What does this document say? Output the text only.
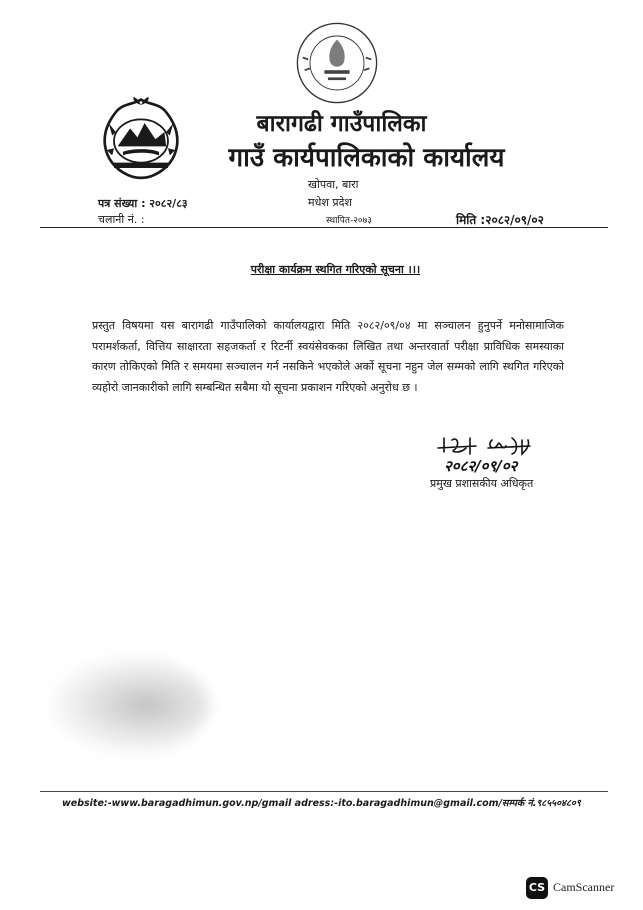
बारागढी गाउँपालिका
गाउँ कार्यपालिकाको कार्यालय
खोपवा, बारा
मधेश प्रदेश
स्थापित-२०७३
पत्र संख्या : २०८२/८३
चलानी नं. :	मिति :२०८२/०९/०२
परीक्षा कार्यक्रम स्थगित गरिएको सूचना ।।।
प्रस्तुत विषयमा यस बारागढी गाउँपालिको कार्यालयद्वारा मिति २०८२/०९/०४ मा सञ्चालन हुनुपर्ने मनोसामाजिक परामर्शकर्ता, वित्तिय साक्षारता सहजकर्ता र रिटर्नी स्वयंसेवकका लिखित तथा अन्तरवार्ता परीक्षा प्राविधिक समस्याका कारण तोकिएको मिति र समयमा सञ्चालन गर्न नसकिने भएकोले अर्को सूचना नहुन जेल सम्मको लागि स्थगित गरिएको व्यहोरो जानकारीको लागि सम्बन्धित सबैमा यो सूचना प्रकाशन गरिएको अनुरोध छ ।
२०८२/०९/०२
प्रमुख प्रशासकीय अधिकृत
website:-www.baragadhimun.gov.np/gmail adress:-ito.baragadhimun@gmail.com/सम्पर्क नं.९८५५०४८०९
CS CamScanner
